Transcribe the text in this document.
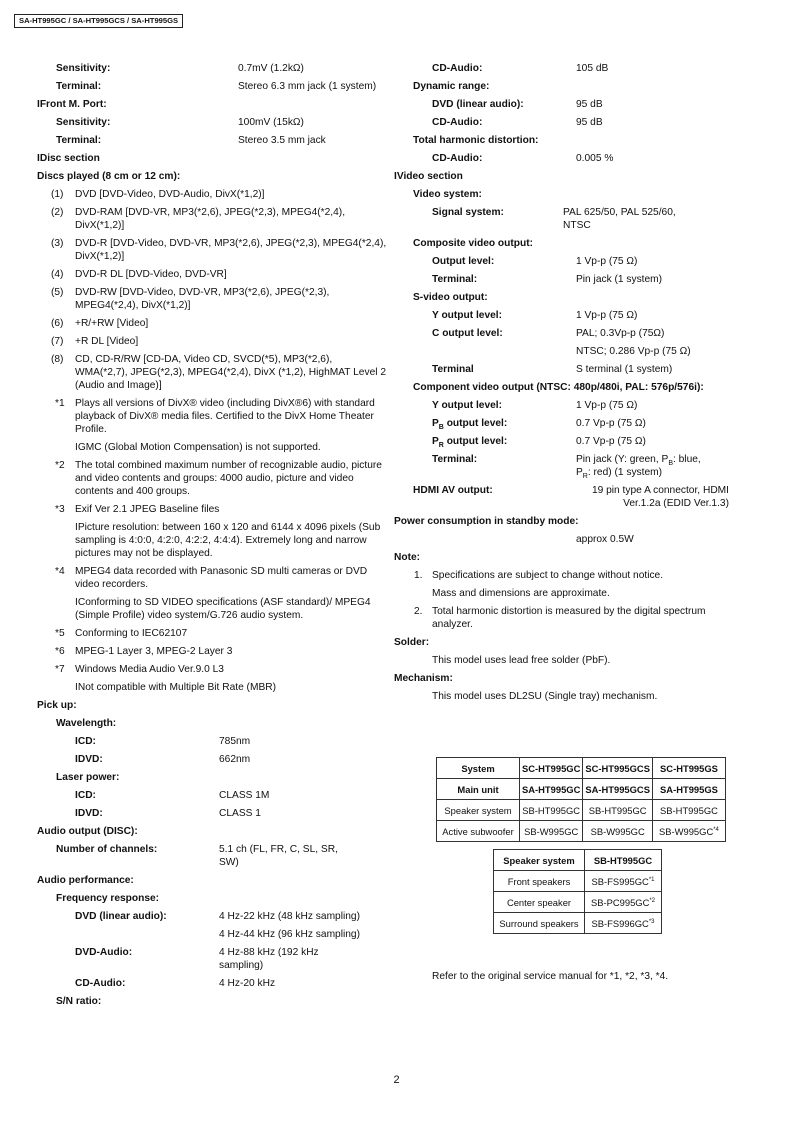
SA-HT995GC / SA-HT995GCS / SA-HT995GS
Sensitivity:	0.7mV (1.2kΩ)
Terminal:	Stereo 6.3 mm jack (1 system)
IFront M. Port:
Sensitivity:	100mV (15kΩ)
Terminal:	Stereo 3.5 mm jack
IDisc section
Discs played (8 cm or 12 cm):
(1) DVD [DVD-Video, DVD-Audio, DivX(*1,2)]
(2) DVD-RAM [DVD-VR, MP3(*2,6), JPEG(*2,3), MPEG4(*2,4), DivX(*1,2)]
(3) DVD-R [DVD-Video, DVD-VR, MP3(*2,6), JPEG(*2,3), MPEG4(*2,4), DivX(*1,2)]
(4) DVD-R DL [DVD-Video, DVD-VR]
(5) DVD-RW [DVD-Video, DVD-VR, MP3(*2,6), JPEG(*2,3), MPEG4(*2,4), DivX(*1,2)]
(6) +R/+RW [Video]
(7) +R DL [Video]
(8) CD, CD-R/RW [CD-DA, Video CD, SVCD(*5), MP3(*2,6), WMA(*2,7), JPEG(*2,3), MPEG4(*2,4), DivX (*1,2), HighMAT Level 2 (Audio and Image)]
*1 Plays all versions of DivX® video (including DivX®6) with standard playback of DivX® media files. Certified to the DivX Home Theater Profile.
IGMC (Global Motion Compensation) is not supported.
*2 The total combined maximum number of recognizable audio, picture and video contents and groups: 4000 audio, picture and video contents and 400 groups.
*3 Exif Ver 2.1 JPEG Baseline files
IPicture resolution: between 160 x 120 and 6144 x 4096 pixels (Sub sampling is 4:0:0, 4:2:0, 4:2:2, 4:4:4). Extremely long and narrow pictures may not be displayed.
*4 MPEG4 data recorded with Panasonic SD multi cameras or DVD video recorders.
IConforming to SD VIDEO specifications (ASF standard)/ MPEG4 (Simple Profile) video system/G.726 audio system.
*5 Conforming to IEC62107
*6 MPEG-1 Layer 3, MPEG-2 Layer 3
*7 Windows Media Audio Ver.9.0 L3
INot compatible with Multiple Bit Rate (MBR)
Pick up:
Wavelength:
ICD:	785nm
IDVD:	662nm
Laser power:
ICD:	CLASS 1M
IDVD:	CLASS 1
Audio output (DISC):
Number of channels:	5.1 ch (FL, FR, C, SL, SR, SW)
Audio performance:
Frequency response:
DVD (linear audio):	4 Hz-22 kHz (48 kHz sampling)
4 Hz-44 kHz (96 kHz sampling)
DVD-Audio:	4 Hz-88 kHz (192 kHz sampling)
CD-Audio:	4 Hz-20 kHz
S/N ratio:
CD-Audio:	105 dB
Dynamic range:
DVD (linear audio):	95 dB
CD-Audio:	95 dB
Total harmonic distortion:
CD-Audio:	0.005 %
IVideo section
Video system:
Signal system:	PAL 625/50, PAL 525/60, NTSC
Composite video output:
Output level:	1 Vp-p (75 Ω)
Terminal:	Pin jack (1 system)
S-video output:
Y output level:	1 Vp-p (75 Ω)
C output level:	PAL; 0.3Vp-p (75Ω)
NTSC; 0.286 Vp-p (75 Ω)
Terminal	S terminal (1 system)
Component video output (NTSC: 480p/480i, PAL: 576p/576i):
Y output level:	1 Vp-p (75 Ω)
$P_B$ output level:	0.7 Vp-p (75 Ω)
$P_R$ output level:	0.7 Vp-p (75 Ω)
Terminal:	Pin jack (Y: green, $P_B$: blue,
$P_R$: red) (1 system)
HDMI AV output:	19 pin type A connector, HDMI
Ver.1.2a (EDID Ver.1.3)
Power consumption in standby mode:
approx 0.5W
Note:
1. Specifications are subject to change without notice.
Mass and dimensions are approximate.
2. Total harmonic distortion is measured by the digital spectrum analyzer.
Solder:
This model uses lead free solder (PbF).
Mechanism:
This model uses DL2SU (Single tray) mechanism.
System	SC-HT995GC	SC-HT995GCS	SC-HT995GS
Main unit	SA-HT995GC	SA-HT995GCS	SA-HT995GS
Speaker system	SB-HT995GC	SB-HT995GC	SB-HT995GC
Active subwoofer	SB-W995GC	SB-W995GC	SB-W995GC$^{*4}$
Speaker system	SB-HT995GC
Front speakers	SB-FS995GC$^{*1}$
Center speaker	SB-PC995GC$^{*2}$
Surround speakers	SB-FS996GC$^{*3}$
Refer to the original service manual for *1, *2, *3, *4.
2
